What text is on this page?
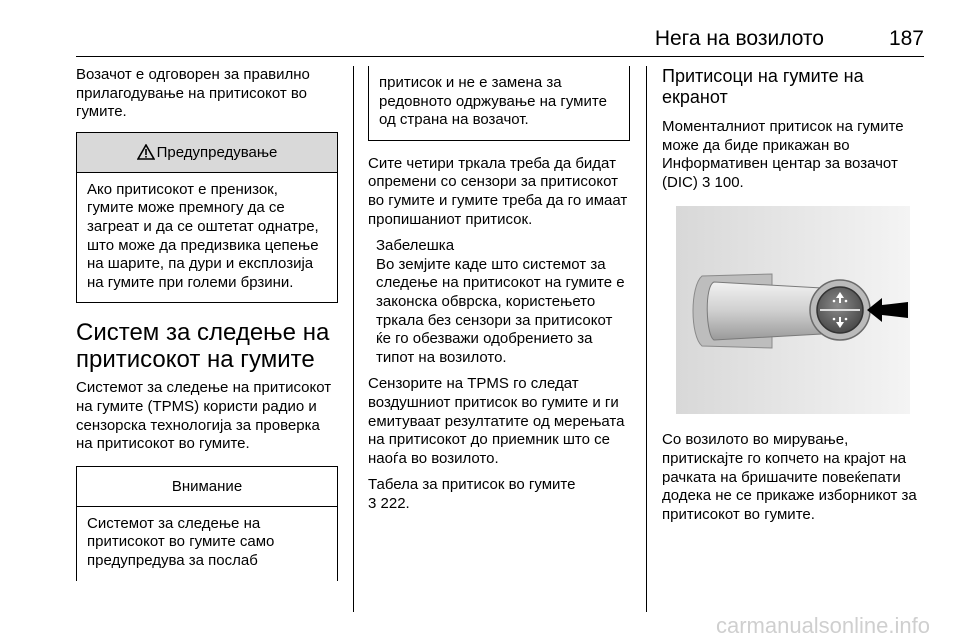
Нега на возилото	187

Возачот е одговорен за правилно прилагодување на притисокот во гумите.

Предупредување
Ако притисокот е пренизок, гумите може премногу да се загреат и да се оштетат однатре, што може да предизвика цепење на шарите, па дури и експлозија на гумите при големи брзини.
Систем за следење на притисокот на гумите

Системот за следење на притисокот на гумите (TPMS) користи радио и сензорска технологија за проверка на притисокот во гумите.

Внимание
Системот за следење на притисокот во гумите само предупредува за послаб
притисок и не е замена за редовното одржување на гумите од страна на возачот.

Сите четири тркала треба да бидат опремени со сензори за притисокот во гумите и гумите треба да го имаат пропишаниот притисок.

Забелешка
Во земјите каде што системот за следење на притисокот на гумите е законска обврска, користењето тркала без сензори за притисокот ќе го обезважи одобрението за типот на возилото.

Сензорите на TPMS го следат воздушниот притисок во гумите и ги емитуваат резултатите од мерењата на притисокот до приемник што се наоѓа во возилото.

Табела за притисок во гумите
3 222.

Притисоци на гумите на екранот

Моменталниот притисок на гумите може да биде прикажан во Информативен центар за возачот (DIC) 3 100.

Со возилото во мирување, притискајте го копчето на крајот на рачката на бришачите повеќепати додека не се прикаже изборникот за притисокот во гумите.

carmanualsonline.info
